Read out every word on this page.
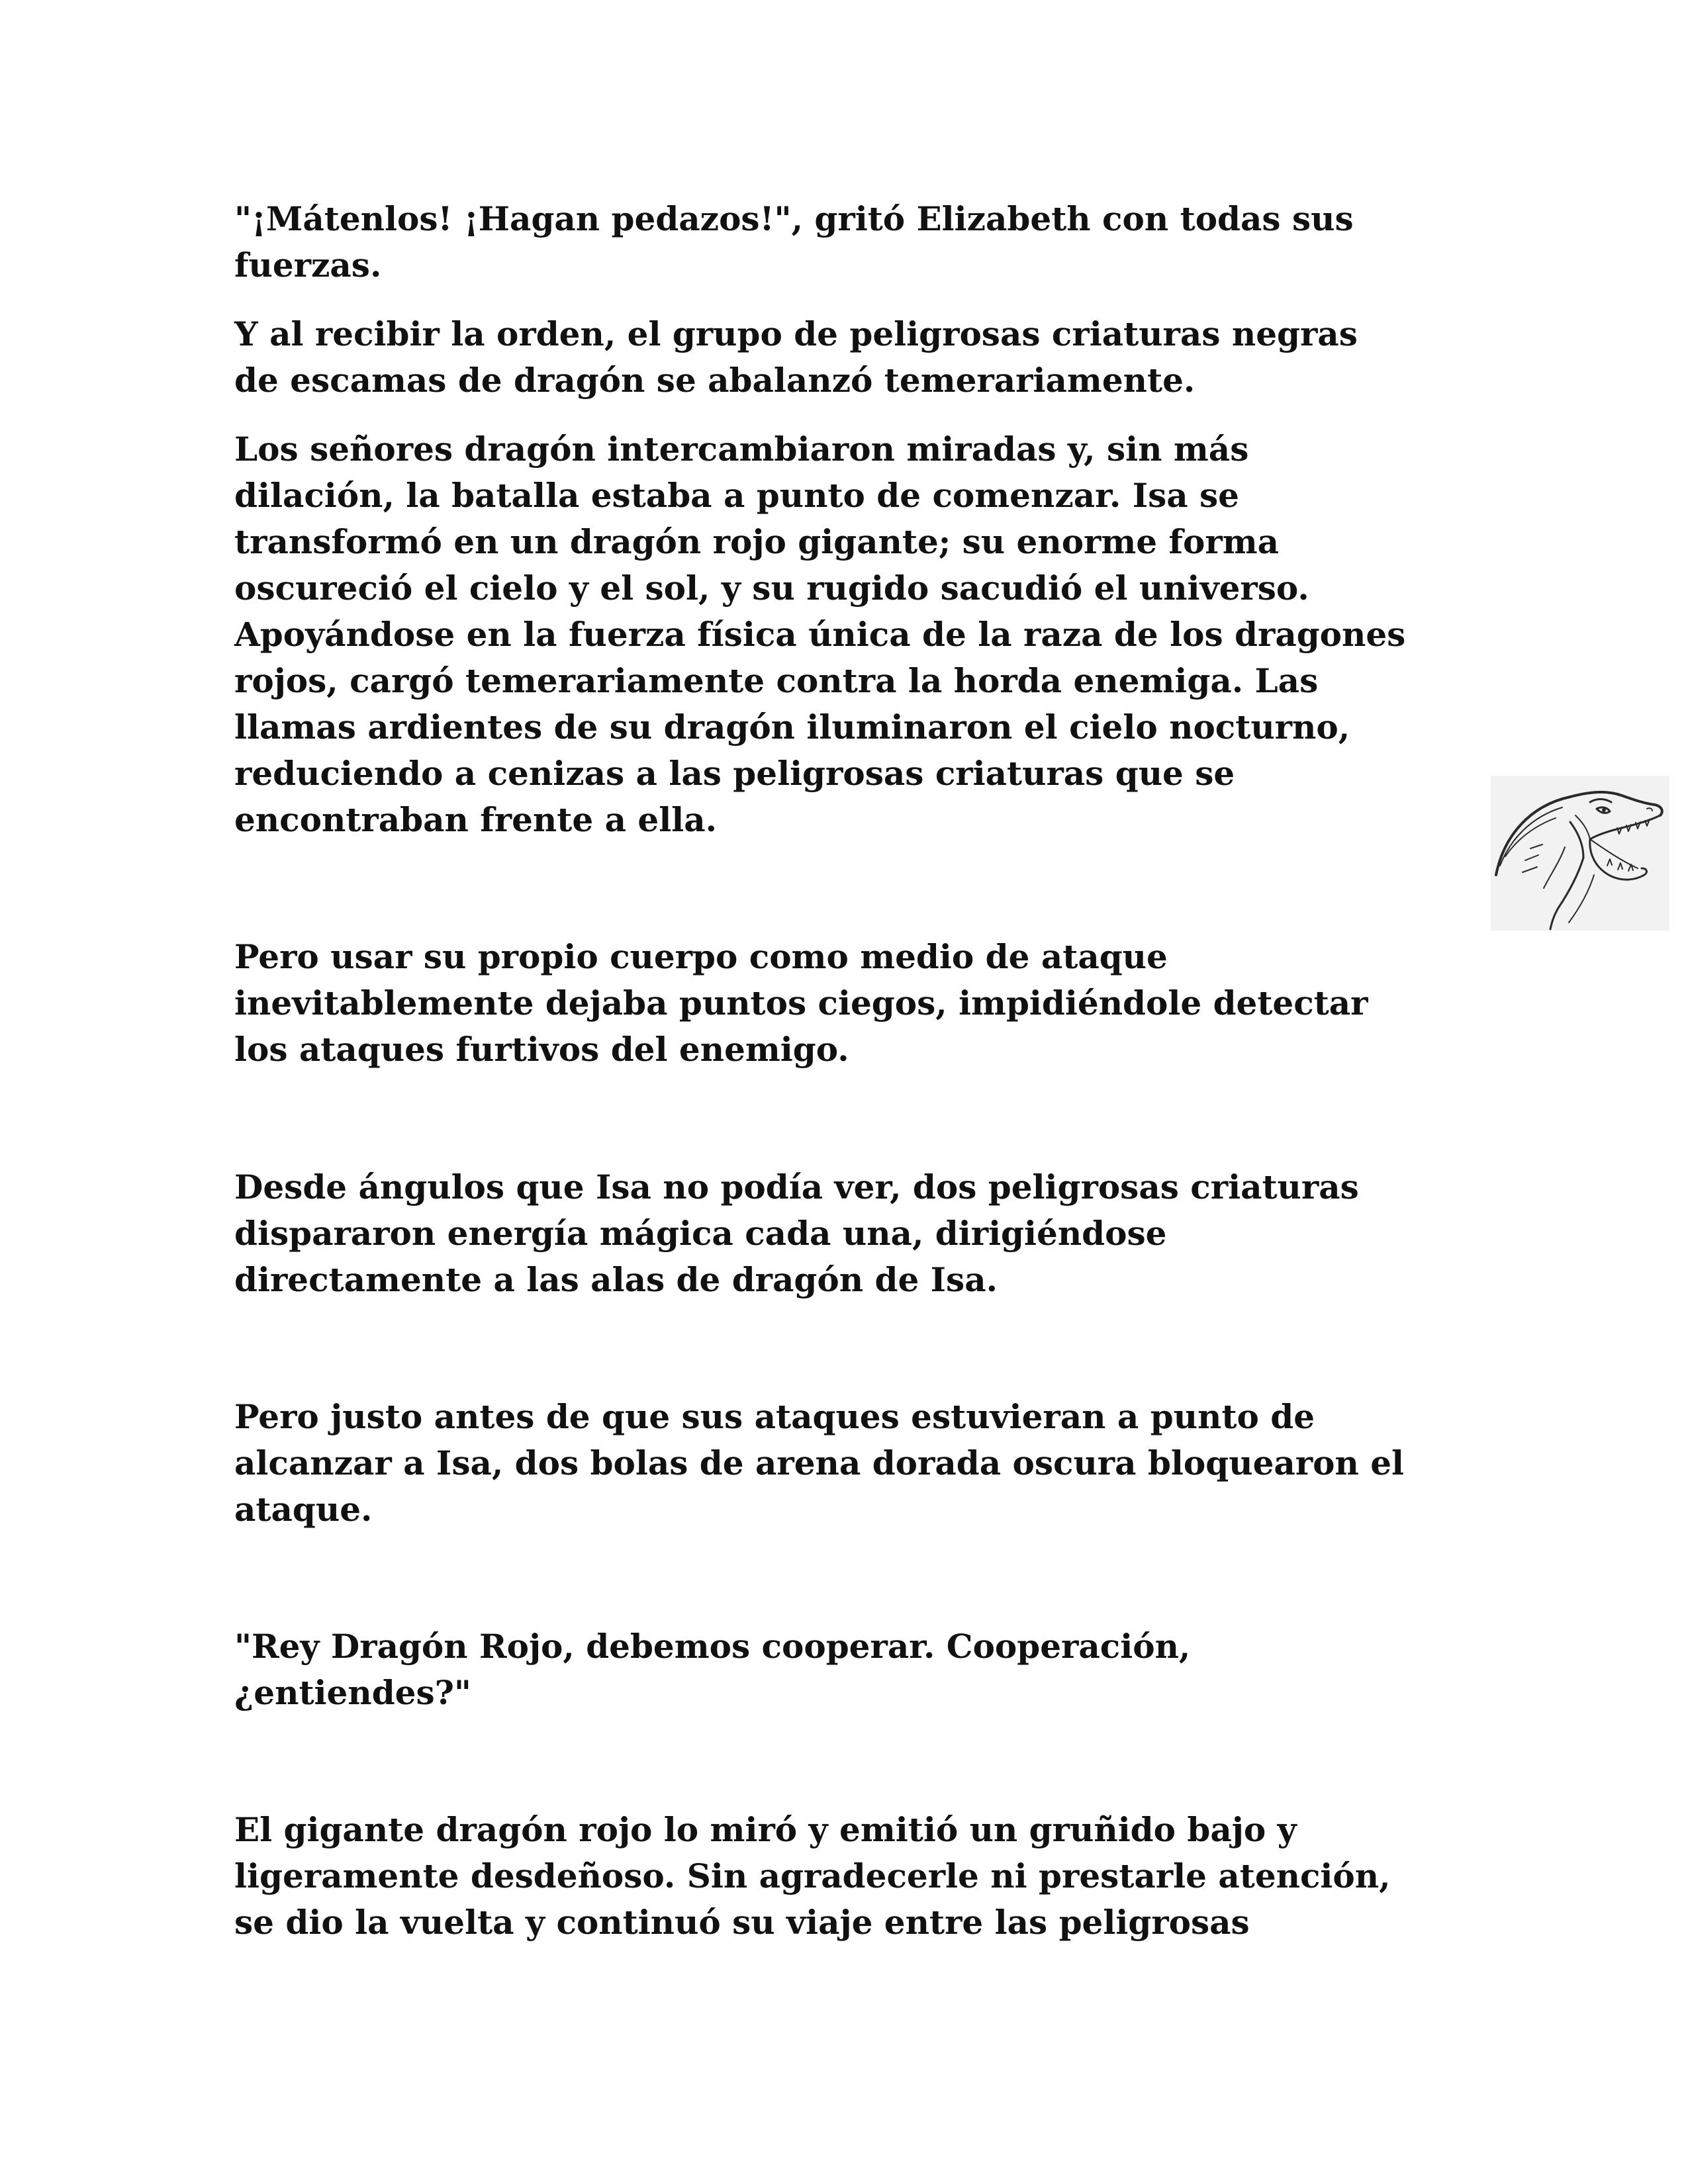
"¡Mátenlos! ¡Hagan pedazos!", gritó Elizabeth con todas sus
fuerzas.

Y al recibir la orden, el grupo de peligrosas criaturas negras
de escamas de dragón se abalanzó temerariamente.

Los señores dragón intercambiaron miradas y, sin más
dilación, la batalla estaba a punto de comenzar. Isa se
transformó en un dragón rojo gigante; su enorme forma
oscureció el cielo y el sol, y su rugido sacudió el universo.
Apoyándose en la fuerza física única de la raza de los dragones
rojos, cargó temerariamente contra la horda enemiga. Las
llamas ardientes de su dragón iluminaron el cielo nocturno,
reduciendo a cenizas a las peligrosas criaturas que se
encontraban frente a ella.

Pero usar su propio cuerpo como medio de ataque
inevitablemente dejaba puntos ciegos, impidiéndole detectar
los ataques furtivos del enemigo.

Desde ángulos que Isa no podía ver, dos peligrosas criaturas
dispararon energía mágica cada una, dirigiéndose
directamente a las alas de dragón de Isa.

Pero justo antes de que sus ataques estuvieran a punto de
alcanzar a Isa, dos bolas de arena dorada oscura bloquearon el
ataque.

"Rey Dragón Rojo, debemos cooperar. Cooperación,
¿entiendes?"

El gigante dragón rojo lo miró y emitió un gruñido bajo y
ligeramente desdeñoso. Sin agradecerle ni prestarle atención,
se dio la vuelta y continuó su viaje entre las peligrosas
